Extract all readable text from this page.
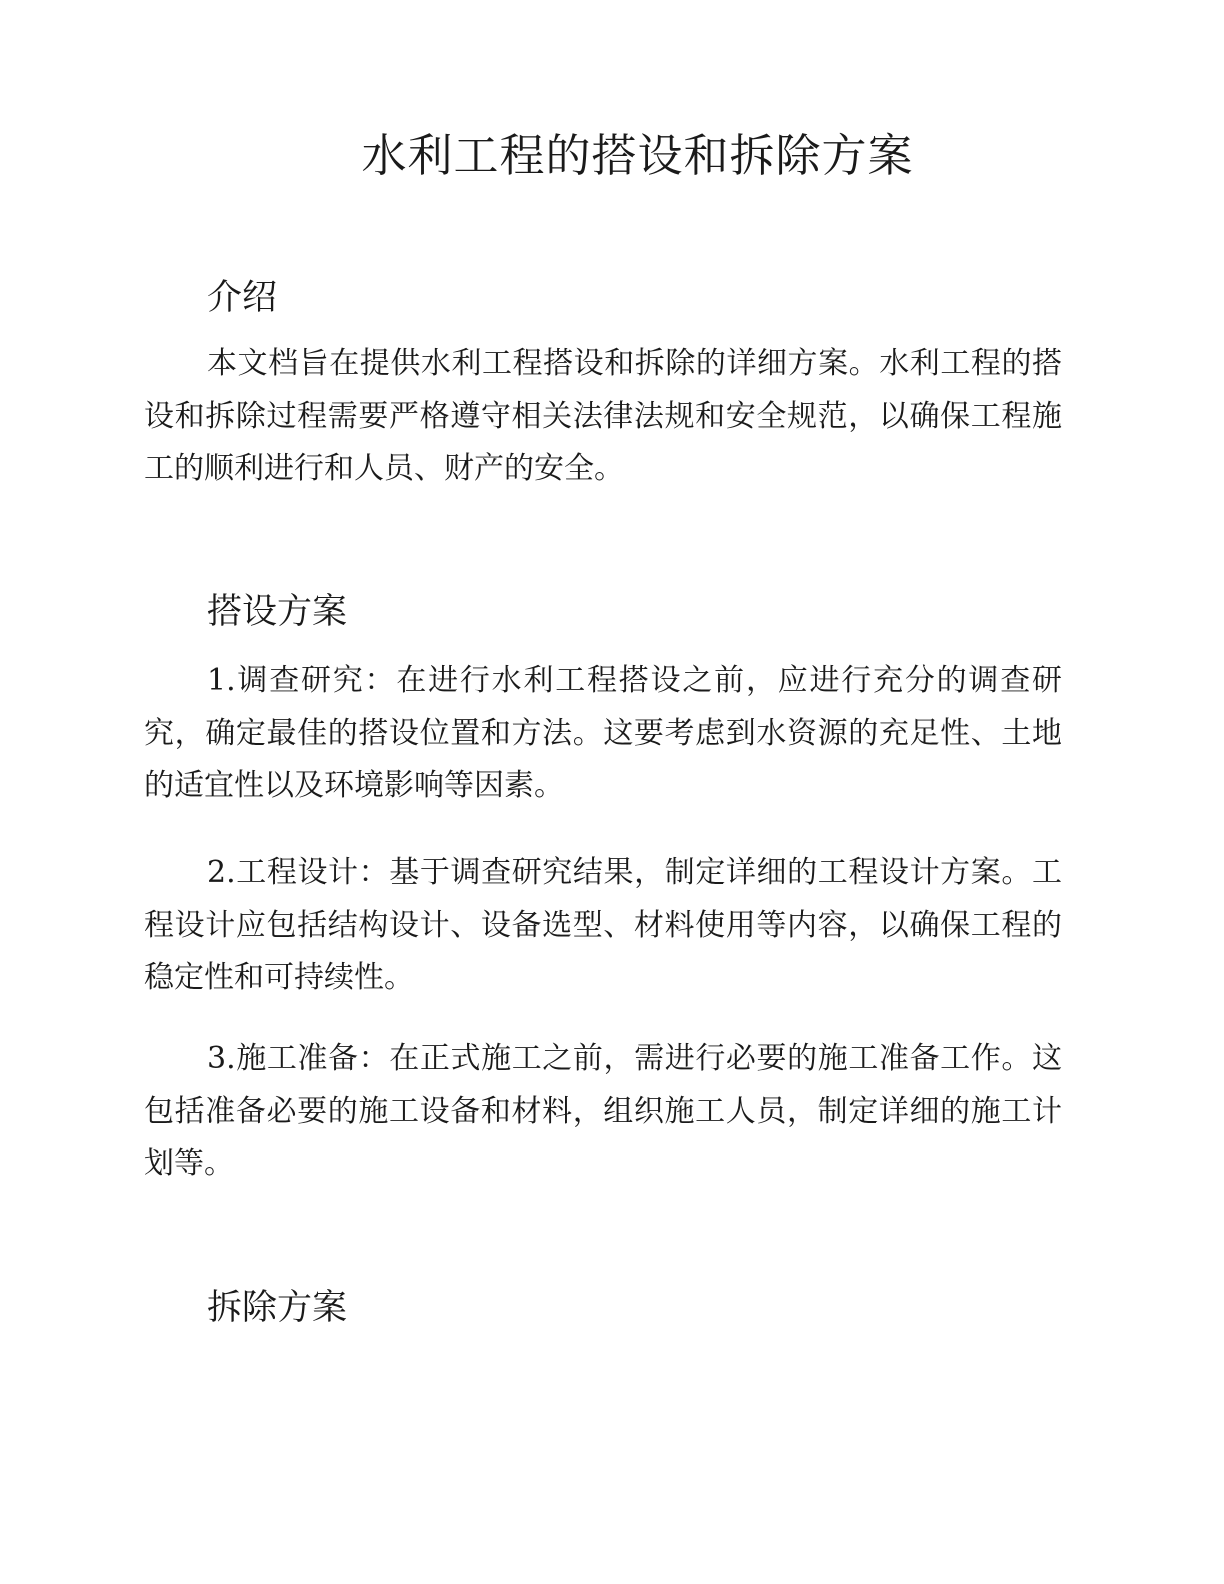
水利工程的搭设和拆除方案
介绍

本文档旨在提供水利工程搭设和拆除的详细方案。水利工程的搭设和拆除过程需要严格遵守相关法律法规和安全规范，以确保工程施工的顺利进行和人员、财产的安全。

搭设方案

1.调查研究：在进行水利工程搭设之前，应进行充分的调查研究，确定最佳的搭设位置和方法。这要考虑到水资源的充足性、土地的适宜性以及环境影响等因素。

2.工程设计：基于调查研究结果，制定详细的工程设计方案。工程设计应包括结构设计、设备选型、材料使用等内容，以确保工程的稳定性和可持续性。

3.施工准备：在正式施工之前，需进行必要的施工准备工作。这包括准备必要的施工设备和材料，组织施工人员，制定详细的施工计划等。

拆除方案
